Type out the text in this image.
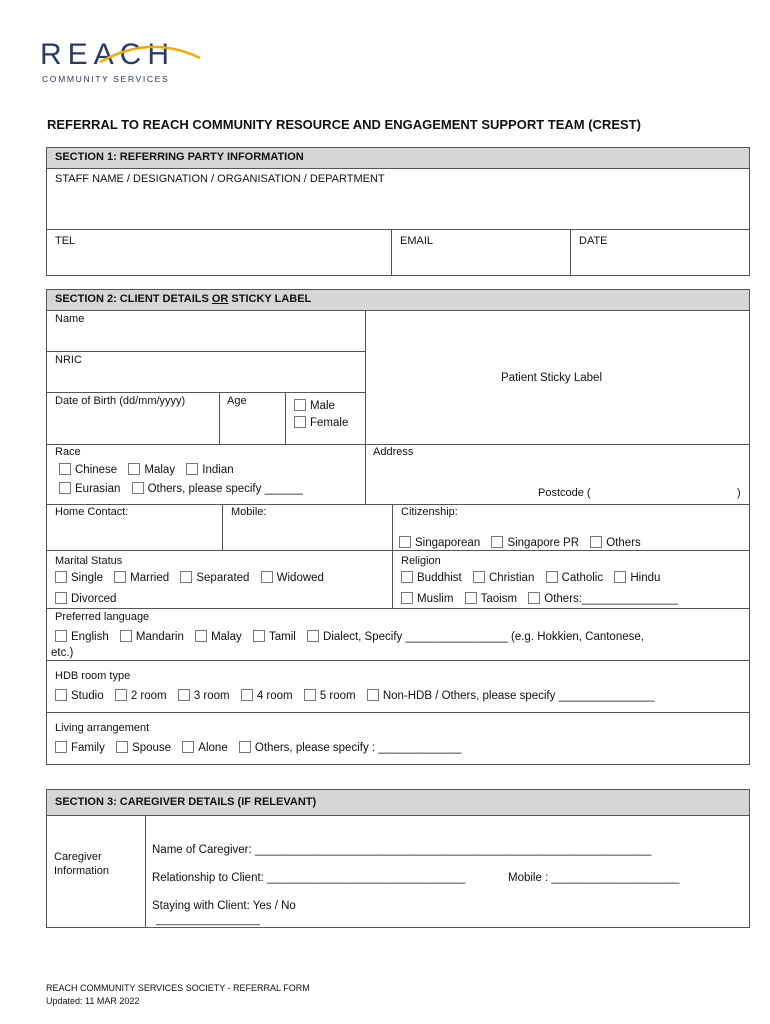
REACH
COMMUNITY SERVICES
REFERRAL TO REACH COMMUNITY RESOURCE AND ENGAGEMENT SUPPORT TEAM (CREST)
SECTION 1: REFERRING PARTY INFORMATION
STAFF NAME / DESIGNATION / ORGANISATION / DEPARTMENT
TEL	EMAIL	DATE
SECTION 2: CLIENT DETAILS OR STICKY LABEL
Name
NRIC
Date of Birth (dd/mm/yyyy)	Age	Male
Female
Patient Sticky Label
Race
Chinese Malay Indian
Eurasian Others, please specify ______
Address
Postcode (	)
Home Contact:	Mobile:	Citizenship:
Singaporean Singapore PR Others
Marital Status
Single Married Separated Widowed
Divorced
Religion
Buddhist Christian Catholic Hindu
Muslim Taoism Others:_______________
Preferred language
English Mandarin Malay Tamil Dialect, Specify ________________ (e.g. Hokkien, Cantonese,
etc.)
HDB room type
Studio 2 room 3 room 4 room 5 room Non-HDB / Others, please specify _______________
Living arrangement
Family Spouse Alone Others, please specify : _____________
SECTION 3: CAREGIVER DETAILS (IF RELEVANT)
Caregiver
Information
Name of Caregiver: ______________________________________________________________
Relationship to Client: _______________________________	Mobile : ____________________
Staying with Client: Yes / No
_________________
REACH COMMUNITY SERVICES SOCIETY - REFERRAL FORM
Updated: 11 MAR 2022
